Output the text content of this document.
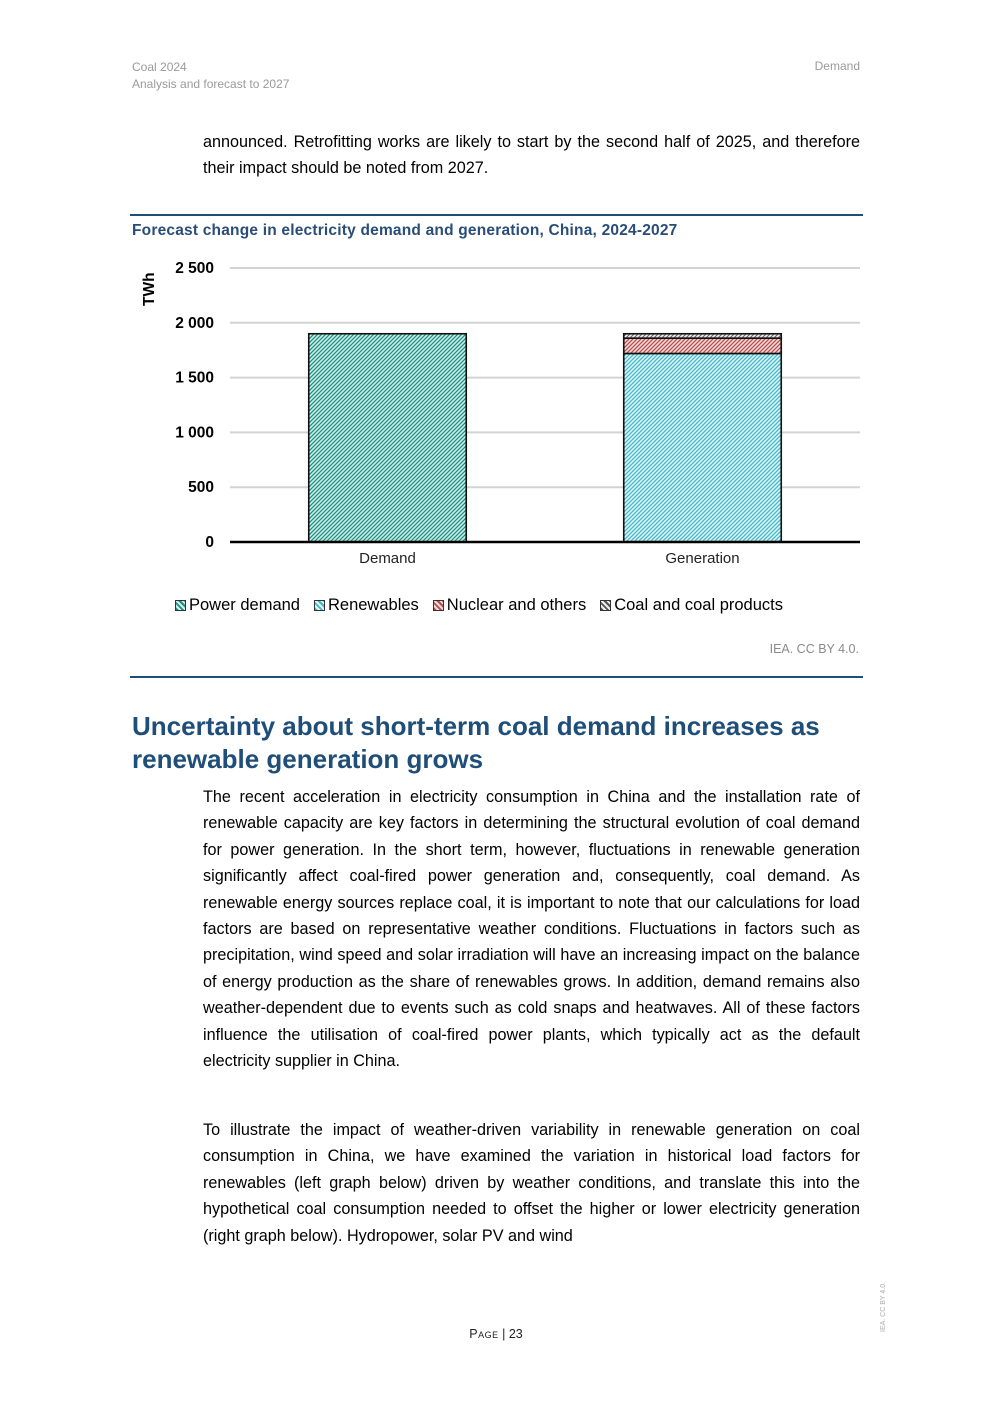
Coal 2024
Analysis and forecast to 2027
Demand

announced. Retrofitting works are likely to start by the second half of 2025, and therefore their impact should be noted from 2027.

Forecast change in electricity demand and generation, China, 2024-2027
0
500
1 000
1 500
2 000
2 500
Demand	Generation
TWh
Power demand Renewables Nuclear and others Coal and coal products
IEA. CC BY 4.0.
Uncertainty about short-term coal demand increases as renewable generation grows

The recent acceleration in electricity consumption in China and the installation rate of renewable capacity are key factors in determining the structural evolution of coal demand for power generation. In the short term, however, fluctuations in renewable generation significantly affect coal-fired power generation and, consequently, coal demand. As renewable energy sources replace coal, it is important to note that our calculations for load factors are based on representative weather conditions. Fluctuations in factors such as precipitation, wind speed and solar irradiation will have an increasing impact on the balance of energy production as the share of renewables grows. In addition, demand remains also weather-dependent due to events such as cold snaps and heatwaves. All of these factors influence the utilisation of coal-fired power plants, which typically act as the default electricity supplier in China.

To illustrate the impact of weather-driven variability in renewable generation on coal consumption in China, we have examined the variation in historical load factors for renewables (left graph below) driven by weather conditions, and translate this into the hypothetical coal consumption needed to offset the higher or lower electricity generation (right graph below). Hydropower, solar PV and wind

Page | 23
IEA. CC BY 4.0.
